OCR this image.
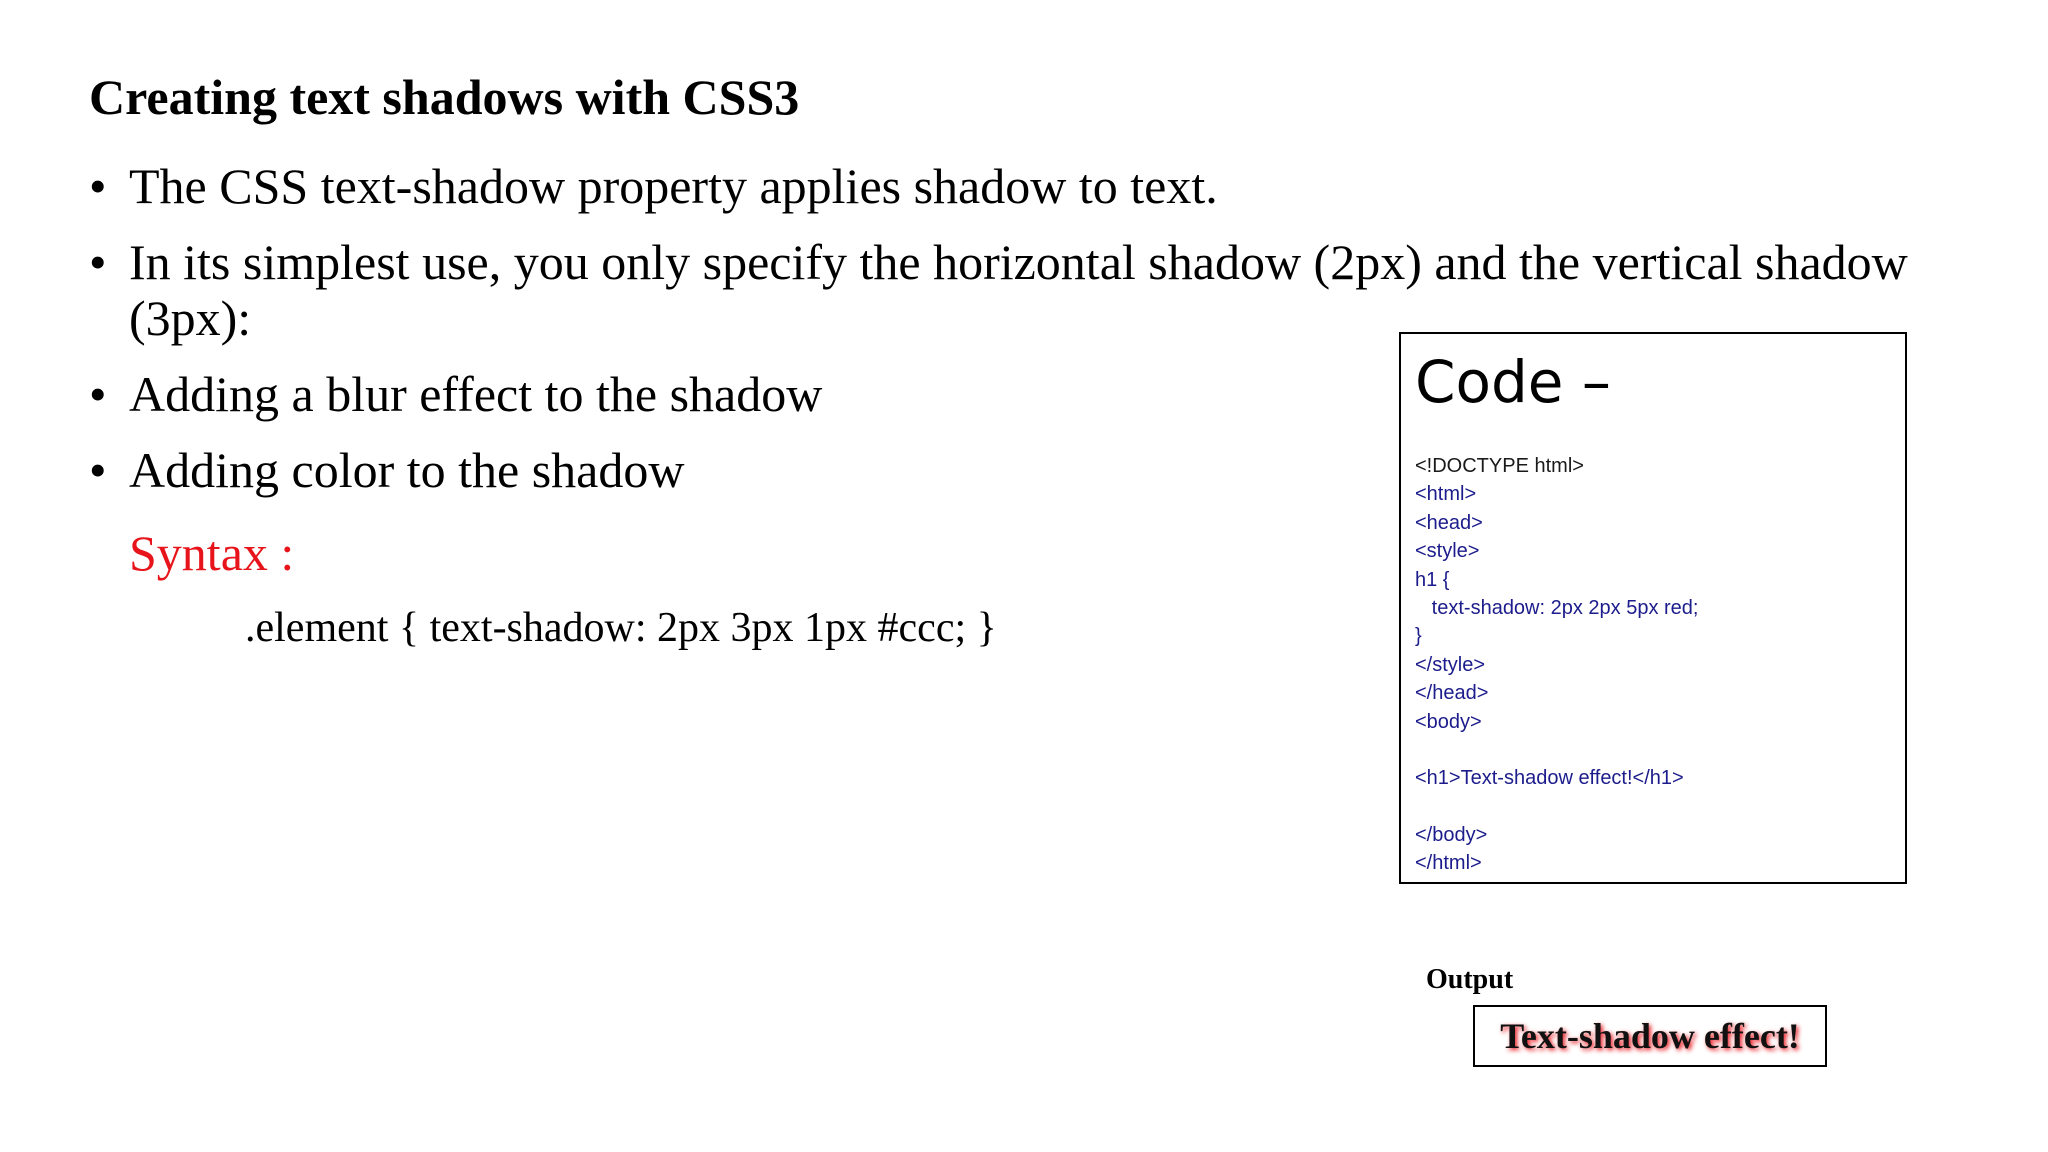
Creating text shadows with CSS3
• The CSS text-shadow property applies shadow to text.
• In its simplest use, you only specify the horizontal shadow (2px) and the vertical shadow (3px):
• Adding a blur effect to the shadow
• Adding color to the shadow
Syntax :
.element { text-shadow: 2px 3px 1px #ccc; }
Code –
<!DOCTYPE html>
<html>
<head>
<style>
h1 {
text-shadow: 2px 2px 5px red;
}
</style>
</head>
<body>
<h1>Text-shadow effect!</h1>
</body>
</html>
Output
Text-shadow effect!
